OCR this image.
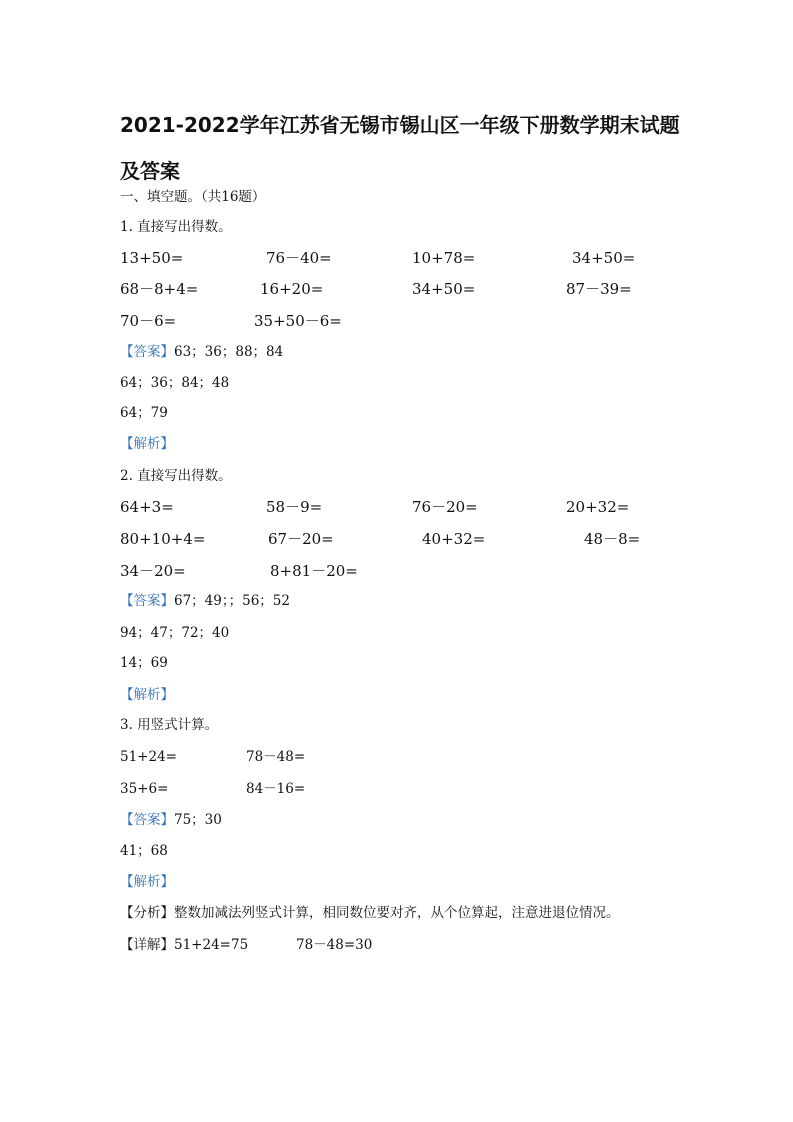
2021-2022学年江苏省无锡市锡山区一年级下册数学期末试题及答案
一、填空题。（共16题）
1. 直接写出得数。
13+50=	76－40=	10+78=	34+50=
68－8+4=	16+20=	34+50=	87－39=
70－6=	35+50－6=
【答案】63；36；88；84
64；36；84；48
64；79
【解析】
2. 直接写出得数。
64+3=	58－9=	76－20=	20+32=
80+10+4=	67－20=	40+32=	48－8=
34－20=	8+81－20=
【答案】67；49；；56；52
94；47；72；40
14；69
【解析】
3. 用竖式计算。
51+24=	78－48=
35+6=	84－16=
【答案】75；30
41；68
【解析】
【分析】整数加减法列竖式计算，相同数位要对齐，从个位算起，注意进退位情况。
【详解】51+24=75	78－48=30
